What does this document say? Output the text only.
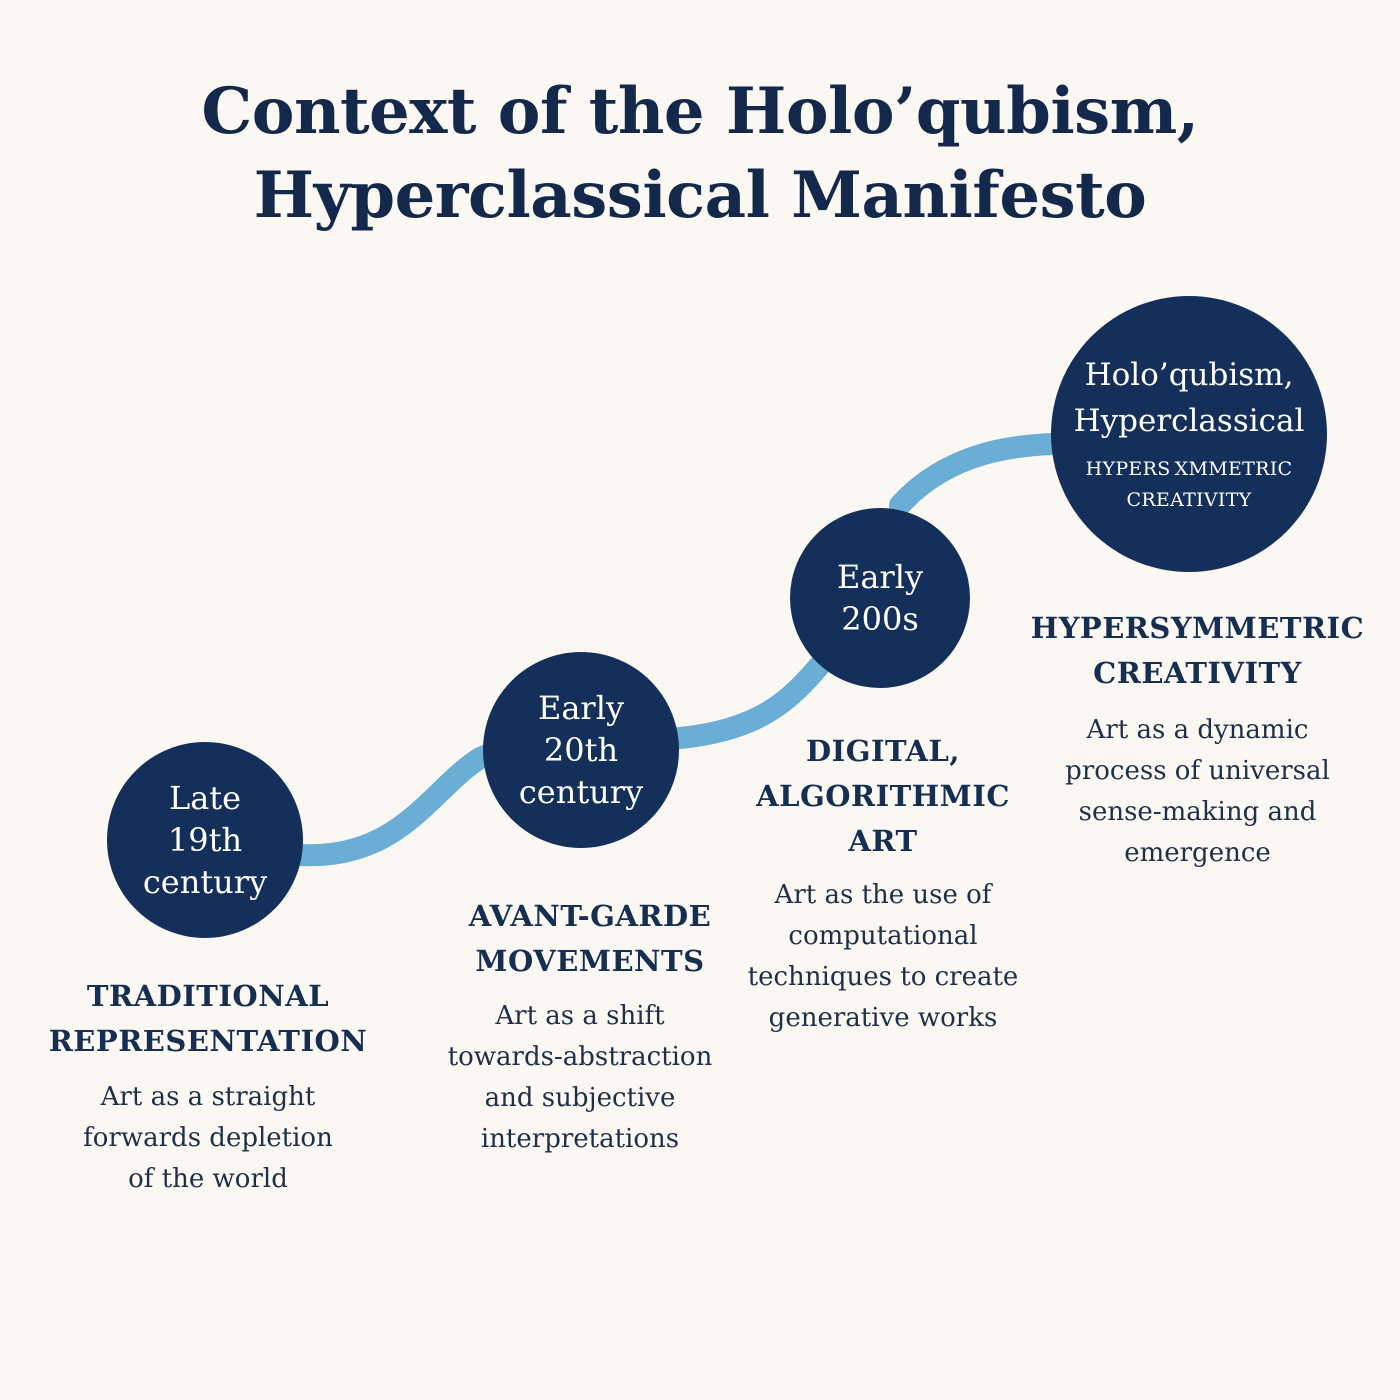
Context of the Holo’qubism,
Hyperclassical Manifesto
Late
19th
century
TRADITIONAL
REPRESENTATION
Art as a straight
forwards depletion
of the world
Early
20th
century
AVANT-GARDE
MOVEMENTS
Art as a shift
towards-abstraction
and subjective
interpretations
Early
200s
DIGITAL,
ALGORITHMIC
ART
Art as the use of
computational
techniques to create
generative works
Holo’qubism,
Hyperclassical
HYPERS ΧMMETRIC
CREATIVITY
HYPERSYMMETRIC
CREATIVITY
Art as a dynamic
process of universal
sense-making and
emergence
